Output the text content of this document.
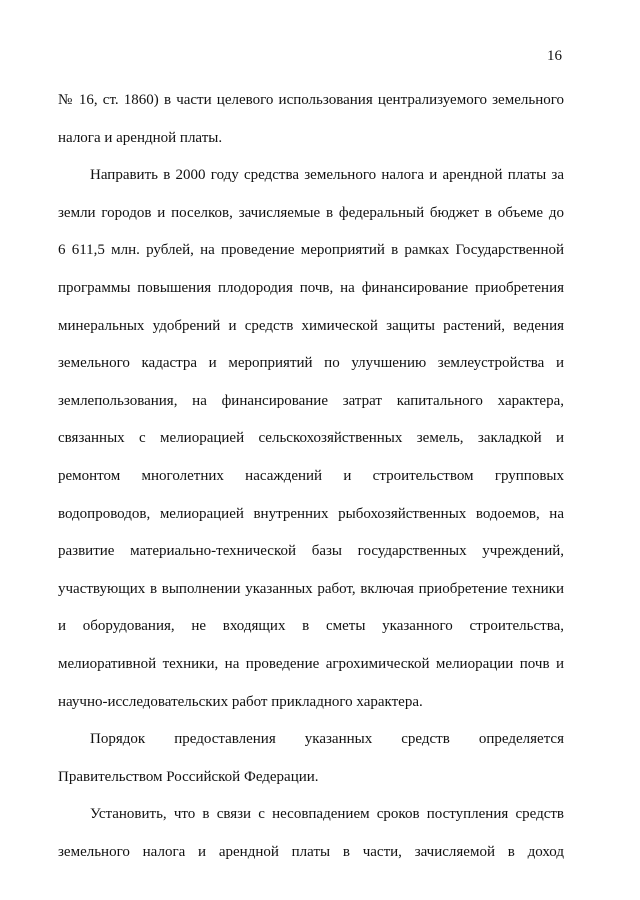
16
№ 16, ст. 1860) в части целевого использования централизуемого земельного
налога и арендной платы.
Направить в 2000 году средства земельного налога и арендной платы за
земли городов и поселков, зачисляемые в федеральный бюджет в объеме до
6 611,5 млн. рублей, на проведение мероприятий в рамках Государственной
программы повышения плодородия почв, на финансирование приобретения
минеральных удобрений и средств химической защиты растений, ведения
земельного кадастра и мероприятий по улучшению землеустройства и
землепользования, на финансирование затрат капитального характера,
связанных с мелиорацией сельскохозяйственных земель, закладкой и
ремонтом многолетних насаждений и строительством групповых
водопроводов, мелиорацией внутренних рыбохозяйственных водоемов, на
развитие материально-технической базы государственных учреждений,
участвующих в выполнении указанных работ, включая приобретение техники
и оборудования, не входящих в сметы указанного строительства,
мелиоративной техники, на проведение агрохимической мелиорации почв и
научно-исследовательских работ прикладного характера.
Порядок предоставления указанных средств определяется
Правительством Российской Федерации.
Установить, что в связи с несовпадением сроков поступления средств
земельного налога и арендной платы в части, зачисляемой в доход
